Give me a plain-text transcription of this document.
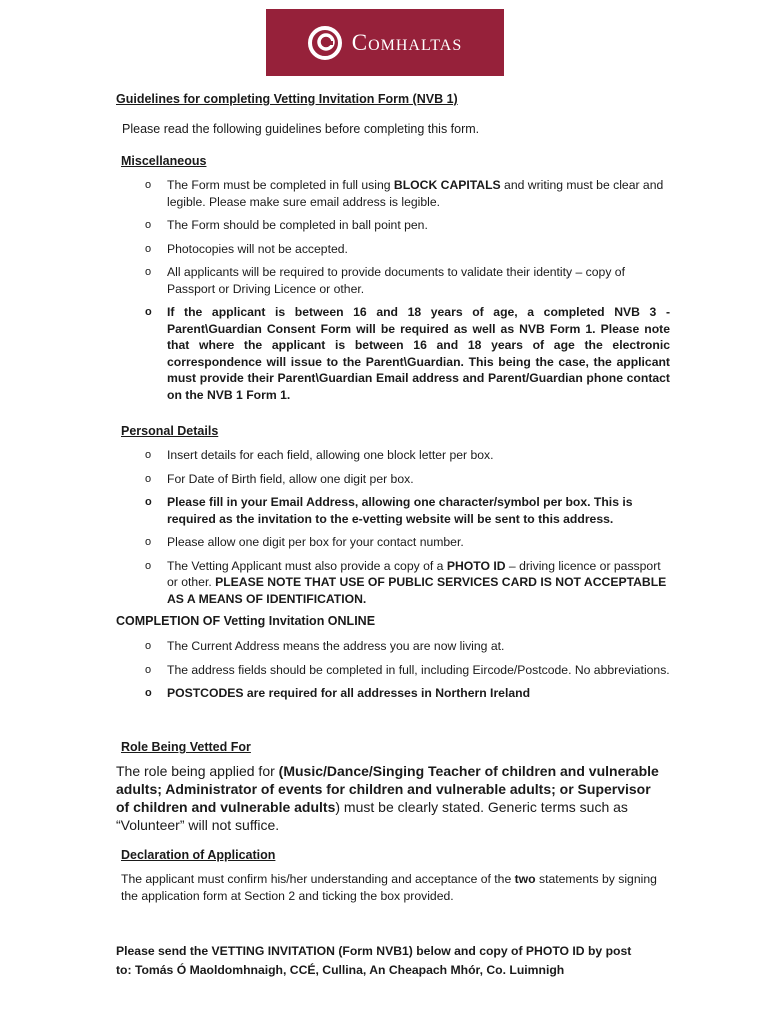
Comhaltas
Guidelines for completing Vetting Invitation Form (NVB 1)
Please read the following guidelines before completing this form.
Miscellaneous
o The Form must be completed in full using BLOCK CAPITALS and writing must be clear and legible. Please make sure email address is legible.
o The Form should be completed in ball point pen.
o Photocopies will not be accepted.
o All applicants will be required to provide documents to validate their identity – copy of Passport or Driving Licence or other.
o If the applicant is between 16 and 18 years of age, a completed NVB 3 - Parent\Guardian Consent Form will be required as well as NVB Form 1. Please note that where the applicant is between 16 and 18 years of age the electronic correspondence will issue to the Parent\Guardian. This being the case, the applicant must provide their Parent\Guardian Email address and Parent/Guardian phone contact on the NVB 1 Form 1.
Personal Details
o Insert details for each field, allowing one block letter per box.
o For Date of Birth field, allow one digit per box.
o Please fill in your Email Address, allowing one character/symbol per box. This is required as the invitation to the e-vetting website will be sent to this address.
o Please allow one digit per box for your contact number.
o The Vetting Applicant must also provide a copy of a PHOTO ID – driving licence or passport or other. PLEASE NOTE THAT USE OF PUBLIC SERVICES CARD IS NOT ACCEPTABLE AS A MEANS OF IDENTIFICATION.
COMPLETION OF Vetting Invitation ONLINE
o The Current Address means the address you are now living at.
o The address fields should be completed in full, including Eircode/Postcode. No abbreviations.
o POSTCODES are required for all addresses in Northern Ireland
Role Being Vetted For
The role being applied for (Music/Dance/Singing Teacher of children and vulnerable adults; Administrator of events for children and vulnerable adults; or Supervisor of children and vulnerable adults) must be clearly stated. Generic terms such as “Volunteer” will not suffice.
Declaration of Application
The applicant must confirm his/her understanding and acceptance of the two statements by signing the application form at Section 2 and ticking the box provided.
Please send the VETTING INVITATION (Form NVB1) below and copy of PHOTO ID by post
to: Tomás Ó Maoldomhnaigh, CCÉ, Cullina, An Cheapach Mhór, Co. Luimnigh
